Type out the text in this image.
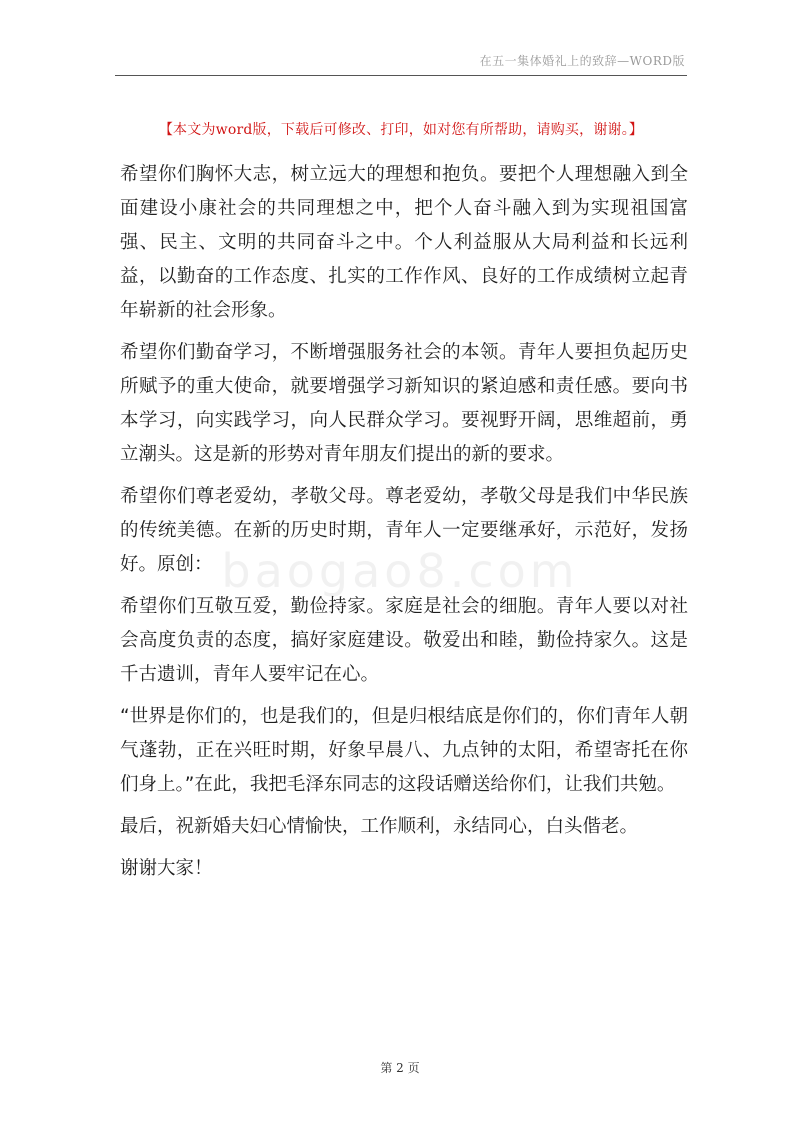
在五一集体婚礼上的致辞—WORD版
【本文为word版，下载后可修改、打印，如对您有所帮助，请购买，谢谢。】
baogao8.com

希望你们胸怀大志，树立远大的理想和抱负。要把个人理想融入到全面建设小康社会的共同理想之中，把个人奋斗融入到为实现祖国富强、民主、文明的共同奋斗之中。个人利益服从大局利益和长远利益，以勤奋的工作态度、扎实的工作作风、良好的工作成绩树立起青年崭新的社会形象。

希望你们勤奋学习，不断增强服务社会的本领。青年人要担负起历史所赋予的重大使命，就要增强学习新知识的紧迫感和责任感。要向书本学习，向实践学习，向人民群众学习。要视野开阔，思维超前，勇立潮头。这是新的形势对青年朋友们提出的新的要求。

希望你们尊老爱幼，孝敬父母。尊老爱幼，孝敬父母是我们中华民族的传统美德。在新的历史时期，青年人一定要继承好，示范好，发扬好。原创：

希望你们互敬互爱，勤俭持家。家庭是社会的细胞。青年人要以对社会高度负责的态度，搞好家庭建设。敬爱出和睦，勤俭持家久。这是千古遗训，青年人要牢记在心。

“世界是你们的，也是我们的，但是归根结底是你们的，你们青年人朝气蓬勃，正在兴旺时期，好象早晨八、九点钟的太阳，希望寄托在你们身上。”在此，我把毛泽东同志的这段话赠送给你们，让我们共勉。

最后，祝新婚夫妇心情愉快，工作顺利，永结同心，白头偕老。

谢谢大家！

第 2 页
